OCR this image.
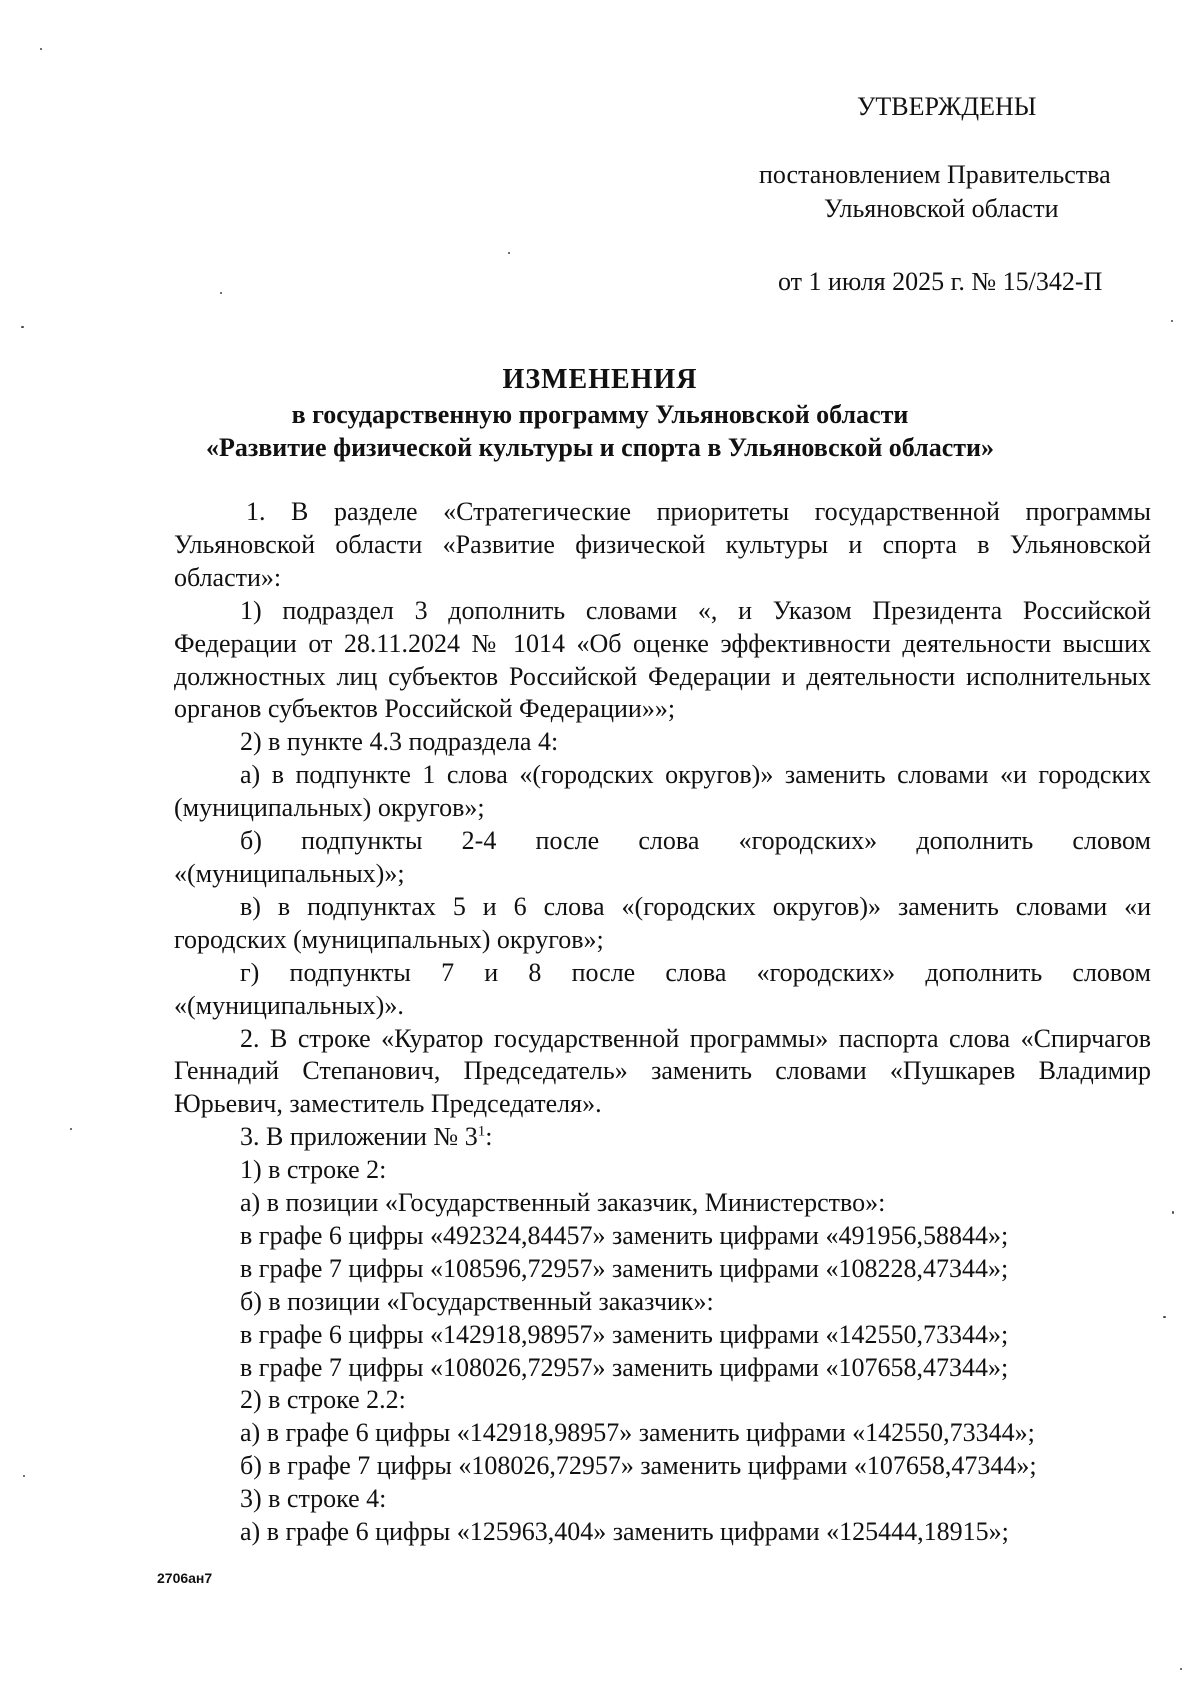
УТВЕРЖДЕНЫ
постановлением Правительства
Ульяновской области
от 1 июля 2025 г. № 15/342-П
ИЗМЕНЕНИЯ
в государственную программу Ульяновской области
«Развитие физической культуры и спорта в Ульяновской области»

1. В разделе «Стратегические приоритеты государственной программы Ульяновской области «Развитие физической культуры и спорта в Ульяновской области»:

1) подраздел 3 дополнить словами «, и Указом Президента Российской Федерации от 28.11.2024 № 1014 «Об оценке эффективности деятельности высших должностных лиц субъектов Российской Федерации и деятельности исполнительных органов субъектов Российской Федерации»»;

2) в пункте 4.3 подраздела 4:

а) в подпункте 1 слова «(городских округов)» заменить словами «и городских (муниципальных) округов»;

б) подпункты 2-4 после слова «городских» дополнить словом «(муниципальных)»;

в) в подпунктах 5 и 6 слова «(городских округов)» заменить словами «и городских (муниципальных) округов»;

г) подпункты 7 и 8 после слова «городских» дополнить словом «(муниципальных)».

2. В строке «Куратор государственной программы» паспорта слова «Спирчагов Геннадий Степанович, Председатель» заменить словами «Пушкарев Владимир Юрьевич, заместитель Председателя».

3. В приложении № $3^1$:

1) в строке 2:

а) в позиции «Государственный заказчик, Министерство»:

в графе 6 цифры «492324,84457» заменить цифрами «491956,58844»;

в графе 7 цифры «108596,72957» заменить цифрами «108228,47344»;

б) в позиции «Государственный заказчик»:

в графе 6 цифры «142918,98957» заменить цифрами «142550,73344»;

в графе 7 цифры «108026,72957» заменить цифрами «107658,47344»;

2) в строке 2.2:

а) в графе 6 цифры «142918,98957» заменить цифрами «142550,73344»;

б) в графе 7 цифры «108026,72957» заменить цифрами «107658,47344»;

3) в строке 4:

а) в графе 6 цифры «125963,404» заменить цифрами «125444,18915»;

2706ан7
